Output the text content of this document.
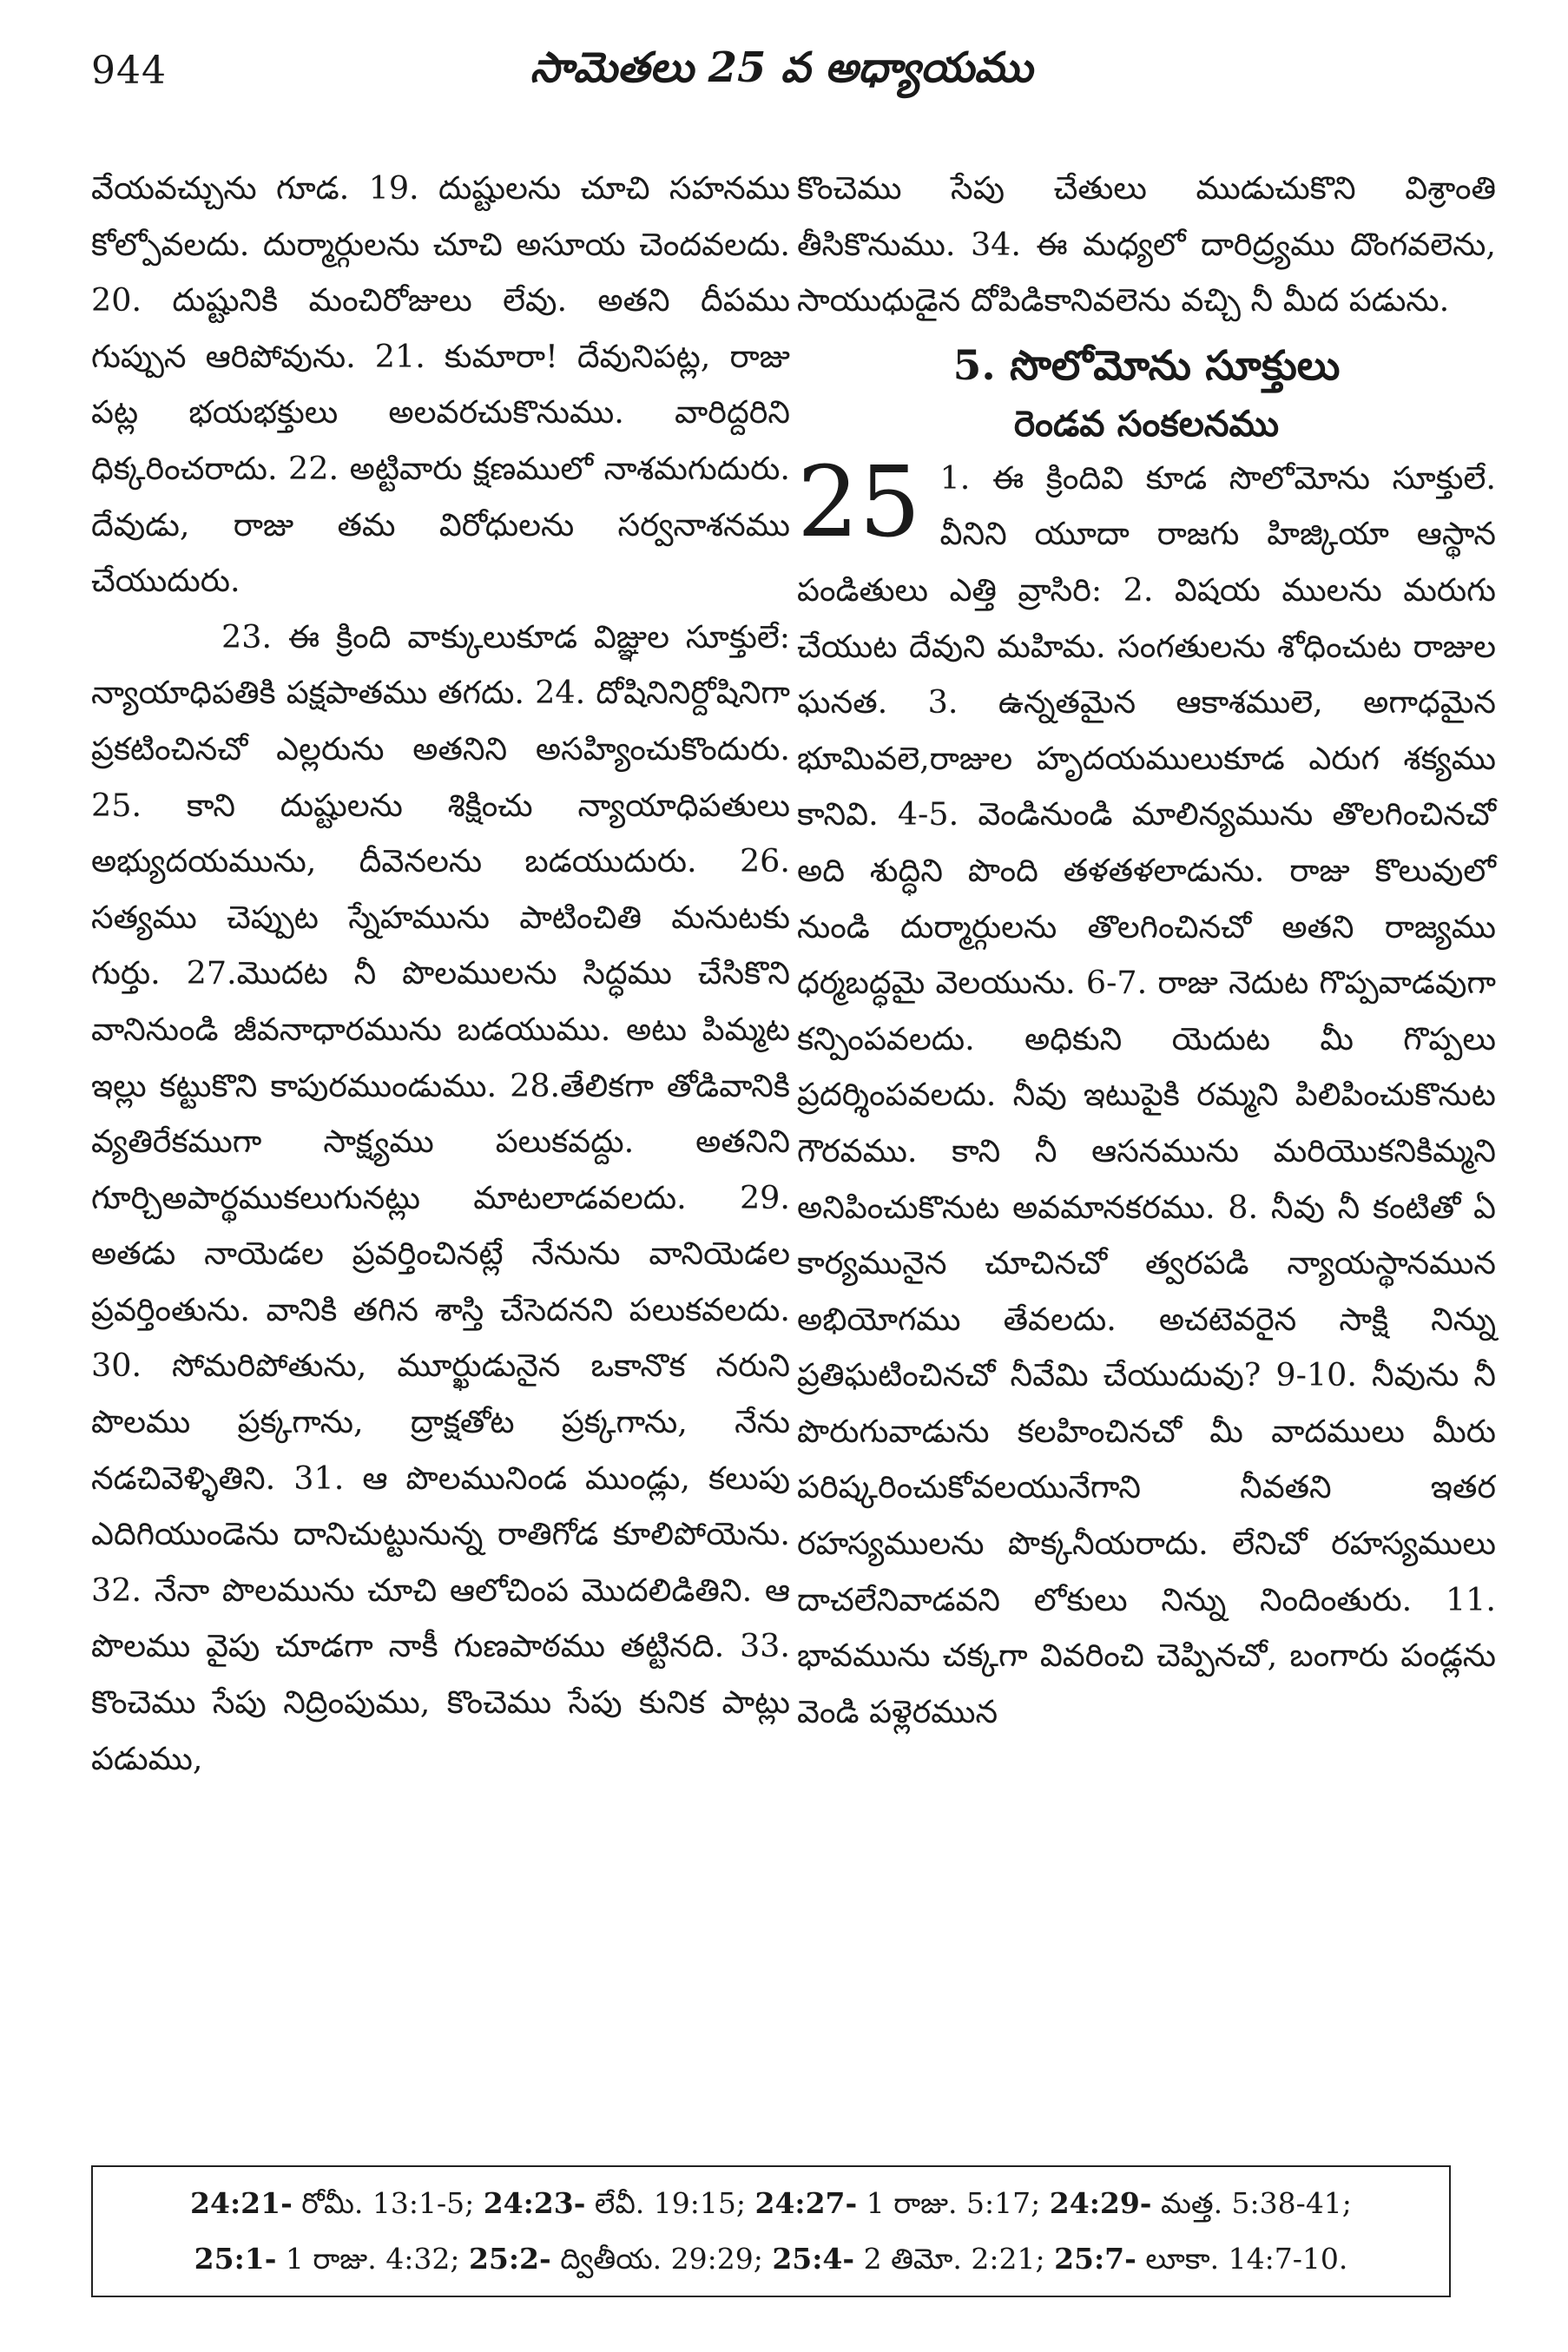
944	సామెతలు 25 వ అధ్యాయము

వేయవచ్చును గూడ. 19. దుష్టులను చూచి సహనము కోల్పోవలదు. దుర్మార్గులను చూచి అసూయ చెందవలదు. 20. దుష్టునికి మంచిరోజులు లేవు. అతని దీపము గుప్పున ఆరిపోవును. 21. కుమారా! దేవునిపట్ల, రాజు పట్ల భయభక్తులు అలవరచుకొనుము. వారిద్దరిని ధిక్కరించరాదు. 22. అట్టివారు క్షణములో నాశమగుదురు. దేవుడు, రాజు తమ విరోధులను సర్వనాశనము చేయుదురు.

23. ఈ క్రింది వాక్కులుకూడ విజ్ఞుల సూక్తులే: న్యాయాధిపతికి పక్షపాతము తగదు. 24. దోషినినిర్దోషినిగా ప్రకటించినచో ఎల్లరును అతనిని అసహ్యించుకొందురు. 25. కాని దుష్టులను శిక్షించు న్యాయాధిపతులు అభ్యుదయమును, దీవెనలను బడయుదురు. 26. సత్యము చెప్పుట స్నేహమును పాటించితి మనుటకు గుర్తు. 27.మొదట నీ పొలములను సిద్ధము చేసికొని వానినుండి జీవనాధారమును బడయుము. అటు పిమ్మట ఇల్లు కట్టుకొని కాపురముండుము. 28.తేలికగా తోడివానికి వ్యతిరేకముగా సాక్ష్యము పలుకవద్దు. అతనిని గూర్చిఅపార్థముకలుగునట్లు మాటలాడవలదు. 29. అతడు నాయెడల ప్రవర్తించినట్లే నేనును వానియెడల ప్రవర్తింతును. వానికి తగిన శాస్తి చేసెదనని పలుకవలదు. 30. సోమరిపోతును, మూర్ఖుడునైన ఒకానొక నరుని పొలము ప్రక్కగాను, ద్రాక్షతోట ప్రక్కగాను, నేను నడచివెళ్ళితిని. 31. ఆ పొలమునిండ ముండ్లు, కలుపు ఎదిగియుండెను దానిచుట్టునున్న రాతిగోడ కూలిపోయెను. 32. నేనా పొలమును చూచి ఆలోచింప మొదలిడితిని. ఆ పొలము వైపు చూడగా నాకీ గుణపాఠము తట్టినది. 33. కొంచెము సేపు నిద్రింపుము, కొంచెము సేపు కునిక పాట్లు పడుము,

కొంచెము సేపు చేతులు ముడుచుకొని విశ్రాంతి తీసికొనుము. 34. ఈ మధ్యలో దారిద్ర్యము దొంగవలెను, సాయుధుడైన దోపిడికానివలెను వచ్చి నీ మీద పడును.

5. సొలోమోను సూక్తులు
రెండవ సంకలనము
25 1. ఈ క్రిందివి కూడ సొలోమోను సూక్తులే. వీనిని యూదా రాజగు హిజ్కియా ఆస్థాన పండితులు ఎత్తి వ్రాసిరి: 2. విషయ ములను మరుగు చేయుట దేవుని మహిమ. సంగతులను శోధించుట రాజుల ఘనత. 3. ఉన్నతమైన ఆకాశములె, అగాధమైన భూమివలె,రాజుల హృదయములుకూడ ఎరుగ శక్యము కానివి. 4-5. వెండినుండి మాలిన్యమును తొలగించినచో అది శుద్ధిని పొంది తళతళలాడును. రాజు కొలువులో నుండి దుర్మార్గులను తొలగించినచో అతని రాజ్యము ధర్మబద్ధమై వెలయును. 6-7. రాజు నెదుట గొప్పవాడవుగా కన్పింపవలదు. అధికుని యెదుట మీ గొప్పలు ప్రదర్శింపవలదు. నీవు ఇటుపైకి రమ్మని పిలిపించుకొనుట గౌరవము. కాని నీ ఆసనమును మరియొకనికిమ్మని అనిపించుకొనుట అవమానకరము. 8. నీవు నీ కంటితో ఏ కార్యమునైన చూచినచో త్వరపడి న్యాయస్థానమున అభియోగము తేవలదు. అచటెవరైన సాక్షి నిన్ను ప్రతిఘటించినచో నీవేమి చేయుదువు? 9-10. నీవును నీ పొరుగువాడును కలహించినచో మీ వాదములు మీరు పరిష్కరించుకోవలయునేగాని నీవతని ఇతర రహస్యములను పొక్కనీయరాదు. లేనిచో రహస్యములు దాచలేనివాడవని లోకులు నిన్ను నిందింతురు. 11. భావమును చక్కగా వివరించి చెప్పినచో, బంగారు పండ్లను వెండి పళ్లెరమున

24:21- రోమీ. 13:1-5; 24:23- లేవీ. 19:15; 24:27- 1 రాజు. 5:17; 24:29- మత్త. 5:38-41;
25:1- 1 రాజు. 4:32; 25:2- ద్వితీయ. 29:29; 25:4- 2 తిమో. 2:21; 25:7- లూకా. 14:7-10.
